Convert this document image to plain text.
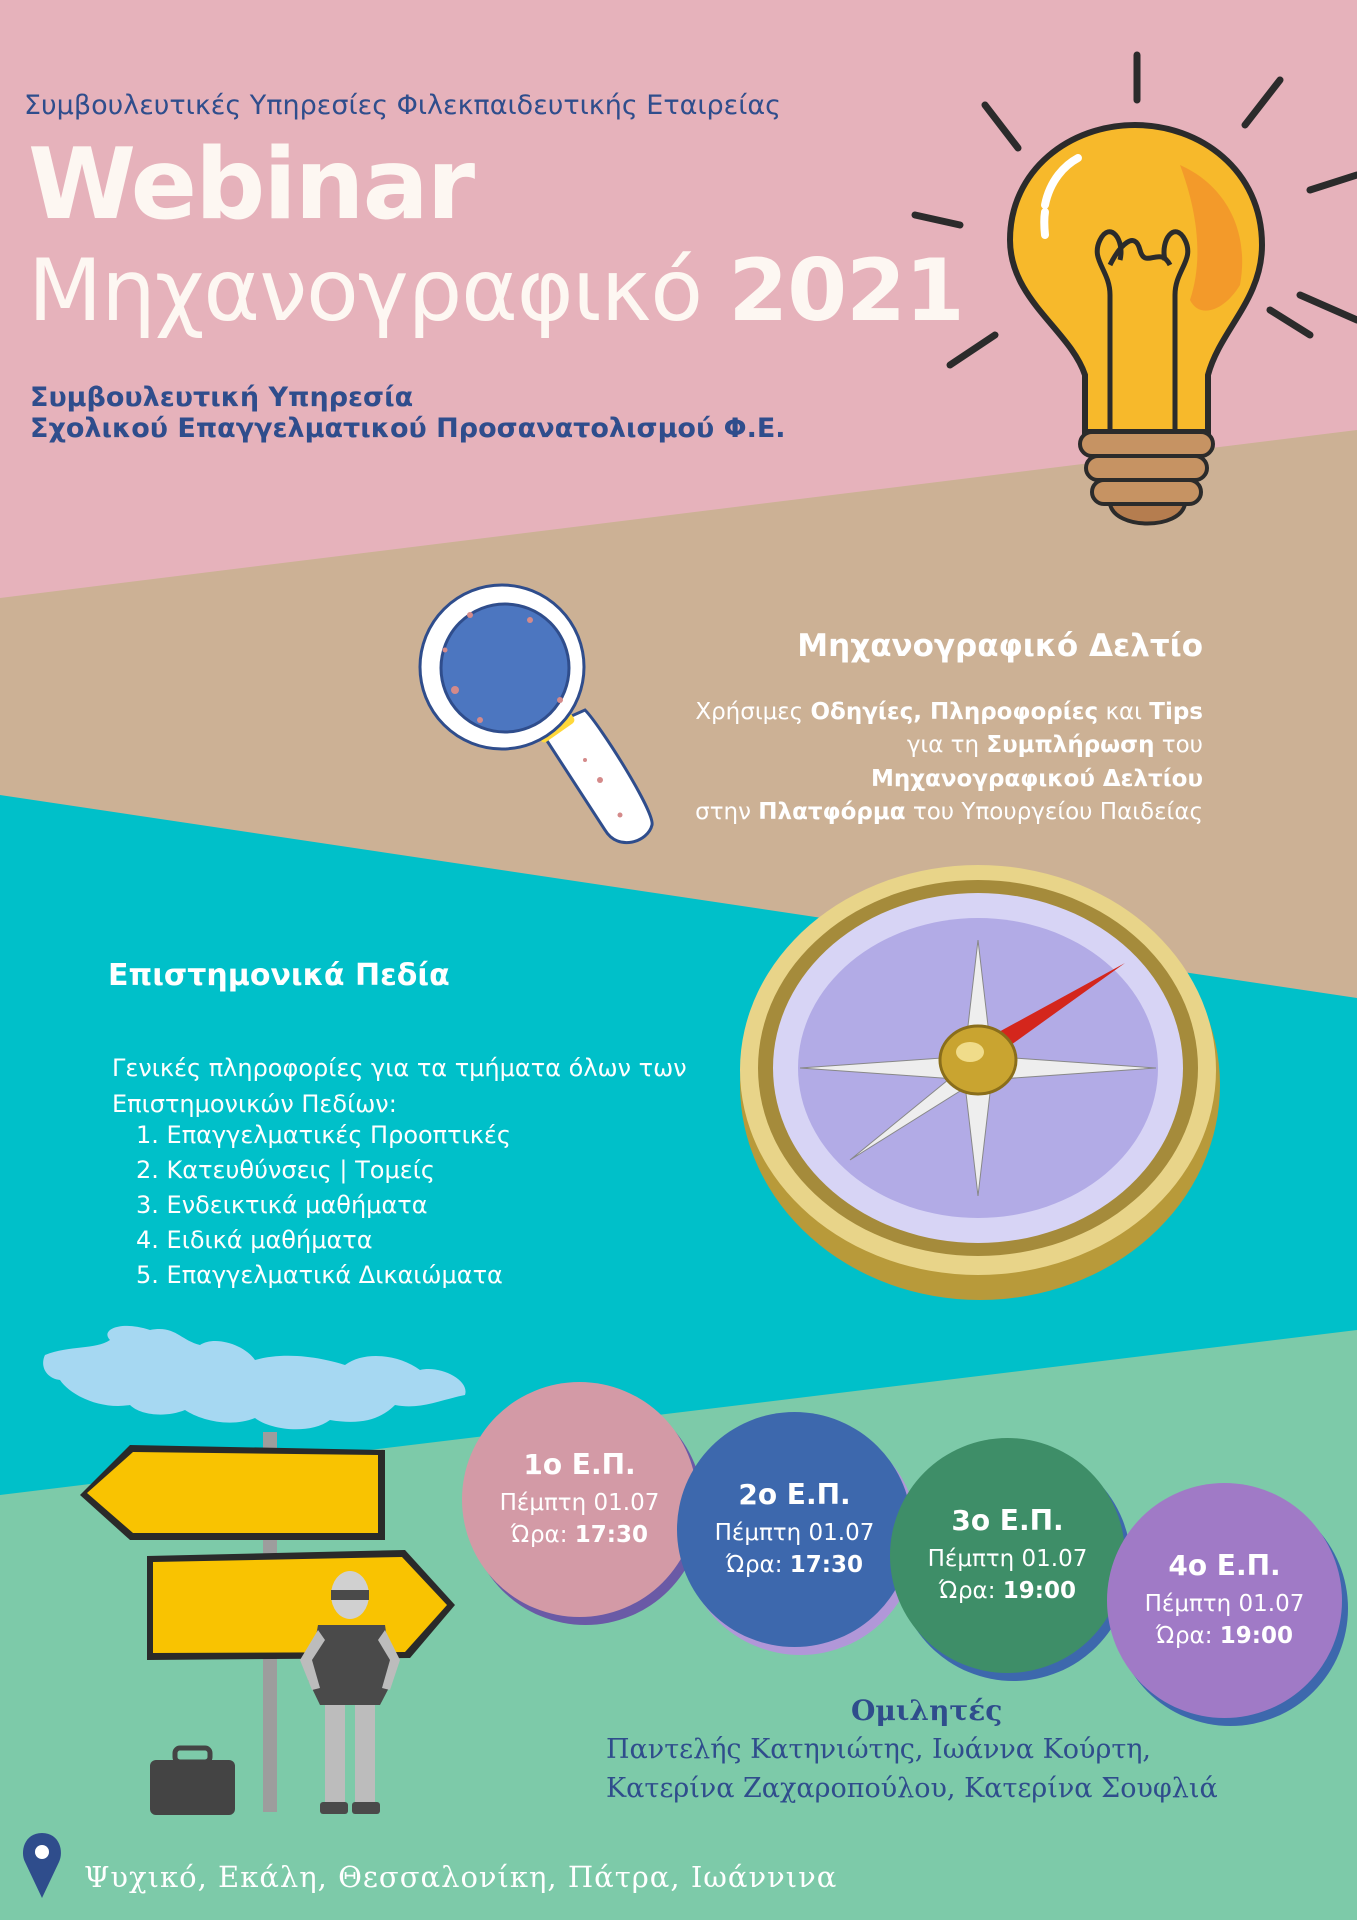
Συμβουλευτικές Υπηρεσίες Φιλεκπαιδευτικής Εταιρείας
Webinar
Μηχανογραφικό 2021
Συμβουλευτική Υπηρεσία
Σχολικού Επαγγελματικού Προσανατολισμού Φ.Ε.
Μηχανογραφικό Δελτίο
Χρήσιμες Οδηγίες, Πληροφορίες και Tips
για τη Συμπλήρωση του
Μηχανογραφικού Δελτίου
στην Πλατφόρμα του Υπουργείου Παιδείας
Επιστημονικά Πεδία
Γενικές πληροφορίες για τα τμήματα όλων των Επιστημονικών Πεδίων:
1. Επαγγελματικές Προοπτικές
2. Κατευθύνσεις | Τομείς
3. Ενδεικτικά μαθήματα
4. Ειδικά μαθήματα
5. Επαγγελματικά Δικαιώματα
1ο Ε.Π.
Πέμπτη 01.07
Ώρα: 17:30
2ο Ε.Π.
Πέμπτη 01.07
Ώρα: 17:30
3ο Ε.Π.
Πέμπτη 01.07
Ώρα: 19:00
4ο Ε.Π.
Πέμπτη 01.07
Ώρα: 19:00
Ομιλητές
Παντελής Κατηνιώτης, Ιωάννα Κούρτη,
Κατερίνα Ζαχαροπούλου, Κατερίνα Σουφλιά
Ψυχικό, Εκάλη, Θεσσαλονίκη, Πάτρα, Ιωάννινα
